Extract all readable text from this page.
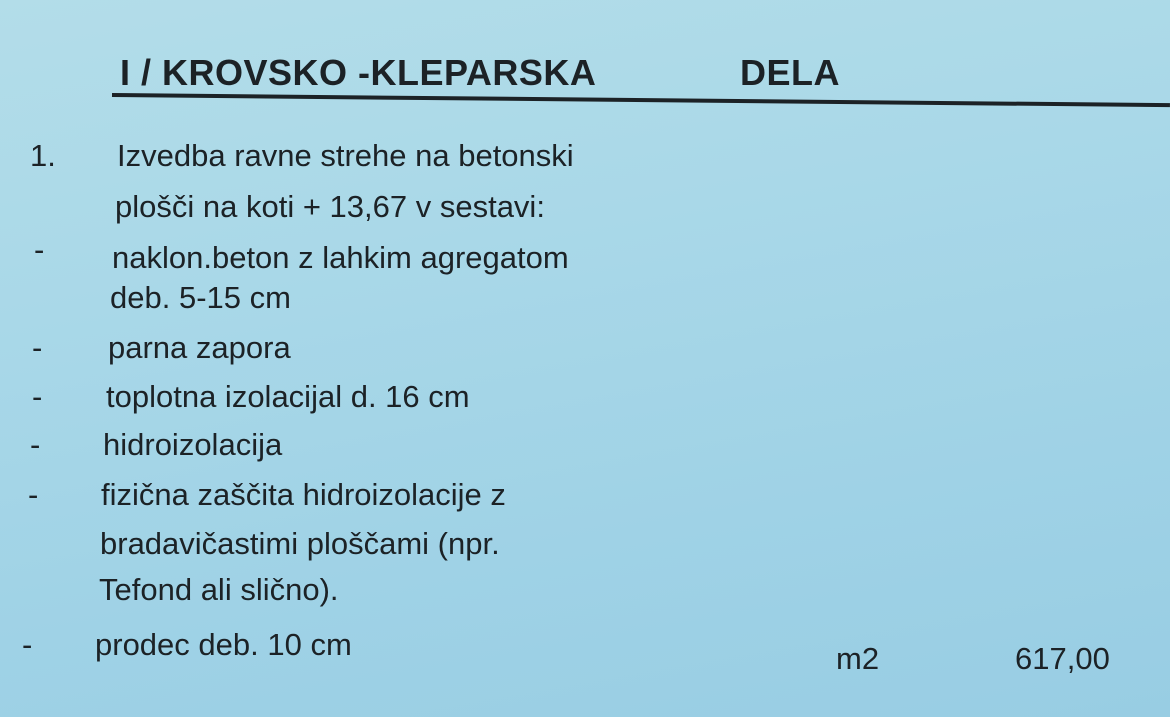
I / KROVSKO -KLEPARSKA	DELA
1. Izvedba ravne strehe na betonski
plošči na koti + 13,67 v sestavi:
- naklon.beton z lahkim agregatom
deb. 5-15 cm
- parna zapora
- toplotna izolacijal d. 16 cm
- hidroizolacija
- fizična zaščita hidroizolacije z
bradavičastimi ploščami (npr.
Tefond ali slično).
- prodec deb. 10 cm	m2	617,00
